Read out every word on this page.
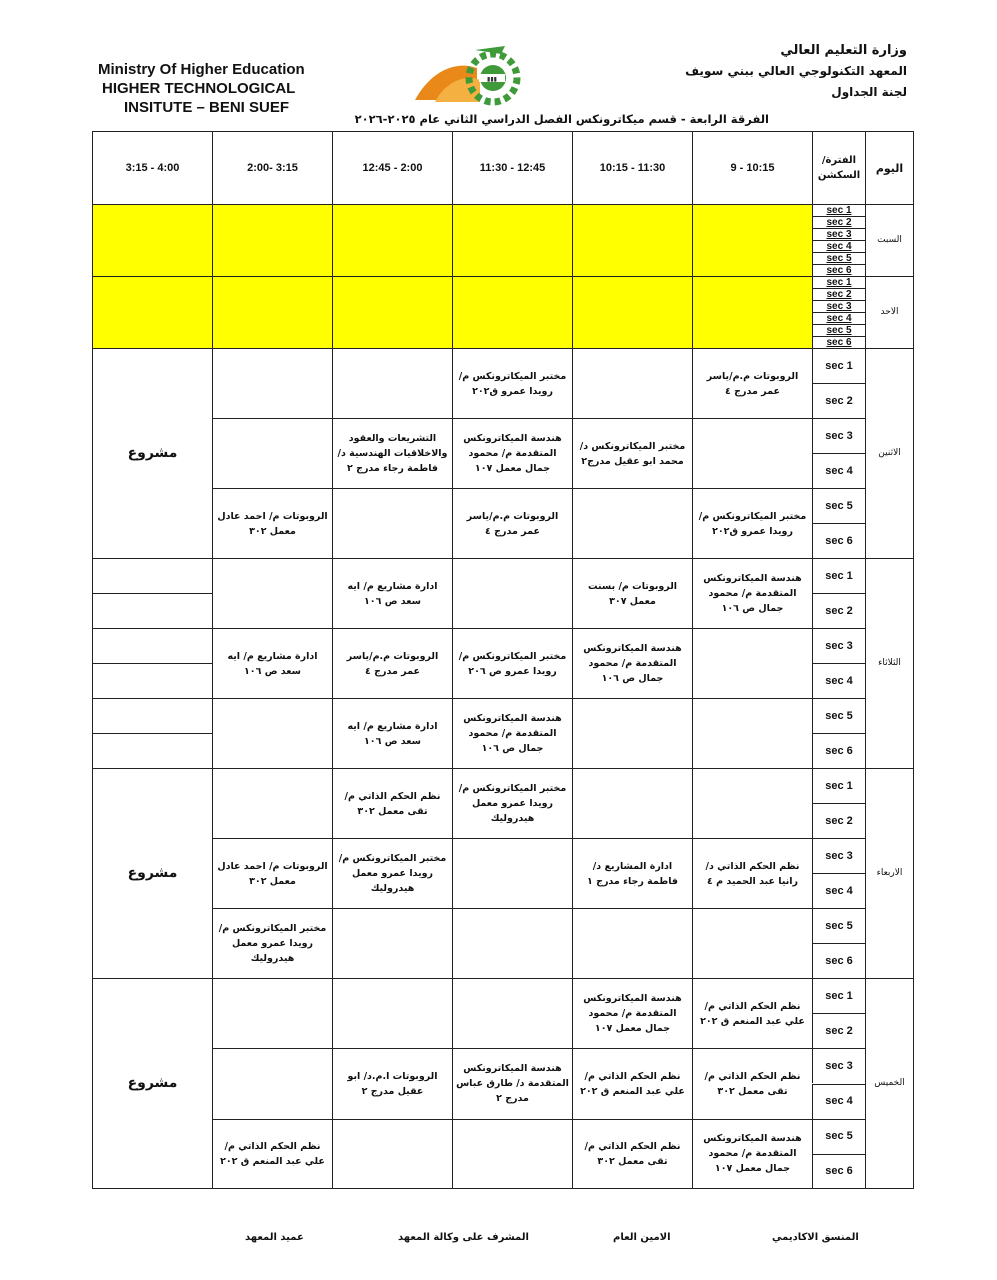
Ministry Of Higher Education
HIGHER TECHNOLOGICAL
INSITUTE – BENI SUEF
وزارة التعليم العالي
المعهد التكنولوجي العالي ببني سويف
لجنة الجداول
▮▮▮
الفرقة الرابعة - قسم ميكاترونكس الفصل الدراسي الثاني عام ٢٠٢٥-٢٠٢٦
اليوم
الفترة/ السكشن
9 - 10:15
10:15 - 11:30
11:30 - 12:45
12:45 - 2:00
2:00- 3:15
3:15 - 4:00
السبت
sec 1
sec 2
sec 3
sec 4
sec 5
sec 6
الاحد
sec 1
sec 2
sec 3
sec 4
sec 5
sec 6
الاثنين
sec 1
sec 2
sec 3
sec 4
sec 5
sec 6
الثلاثاء
sec 1
sec 2
sec 3
sec 4
sec 5
sec 6
الاربعاء
sec 1
sec 2
sec 3
sec 4
sec 5
sec 6
الخميس
sec 1
sec 2
sec 3
sec 4
sec 5
sec 6
الروبوتات م.م/ياسر عمر مدرج ٤
مختبر الميكاترونكس م/ رويدا عمرو ق٢٠٢
مختبر الميكاترونكس د/محمد ابو عقيل مدرج٢
هندسة الميكاترونكس المتقدمة م/ محمود جمال معمل ١٠٧
التشريعات والعقود والاخلاقيات الهندسية د/فاطمة رجاء مدرج ٢
مختبر الميكاترونكس م/ رويدا عمرو ق٢٠٢
الروبوتات م.م/ياسر عمر مدرج ٤
الروبوتات م/ احمد عادل معمل ٣٠٢
مشروع
هندسة الميكاترونكس المتقدمة م/ محمود جمال ص ١٠٦
الروبوتات م/ بسنت معمل ٣٠٧
ادارة مشاريع م/ ايه سعد ص ١٠٦
هندسة الميكاترونكس المتقدمة م/ محمود جمال ص ١٠٦
مختبر الميكاترونكس م/ رويدا عمرو ص ٢٠٦
الروبوتات م.م/ياسر عمر مدرج ٤
ادارة مشاريع م/ ايه سعد ص ١٠٦
هندسة الميكاترونكس المتقدمة م/ محمود جمال ص ١٠٦
ادارة مشاريع م/ ايه سعد ص ١٠٦
مختبر الميكاترونكس م/ رويدا عمرو معمل هيدروليك
نظم الحكم الذاتي م/تقى معمل ٣٠٢
نظم الحكم الذاتي د/ رانيا عبد الحميد م ٤
ادارة المشاريع د/ فاطمة رجاء مدرج ١
مختبر الميكاترونكس م/ رويدا عمرو معمل هيدروليك
الروبوتات م/ احمد عادل معمل ٣٠٢
مختبر الميكاترونكس م/ رويدا عمرو معمل هيدروليك
مشروع
نظم الحكم الذاتي م/ علي عبد المنعم ق ٢٠٢
هندسة الميكاترونكس المتقدمة م/ محمود جمال معمل ١٠٧
نظم الحكم الذاتي م/تقى معمل ٣٠٢
نظم الحكم الذاتي م/ علي عبد المنعم ق ٢٠٢
هندسة الميكاترونكس المتقدمة د/ طارق عباس مدرج ٢
الروبوتات ا.م.د/ ابو عقيل مدرج ٢
هندسة الميكاترونكس المتقدمة م/ محمود جمال معمل ١٠٧
نظم الحكم الذاتي م/تقى معمل ٣٠٢
نظم الحكم الذاتي م/ علي عبد المنعم ق ٢٠٢
مشروع
المنسق الاكاديمي
الامين العام
المشرف على وكالة المعهد
عميد المعهد
